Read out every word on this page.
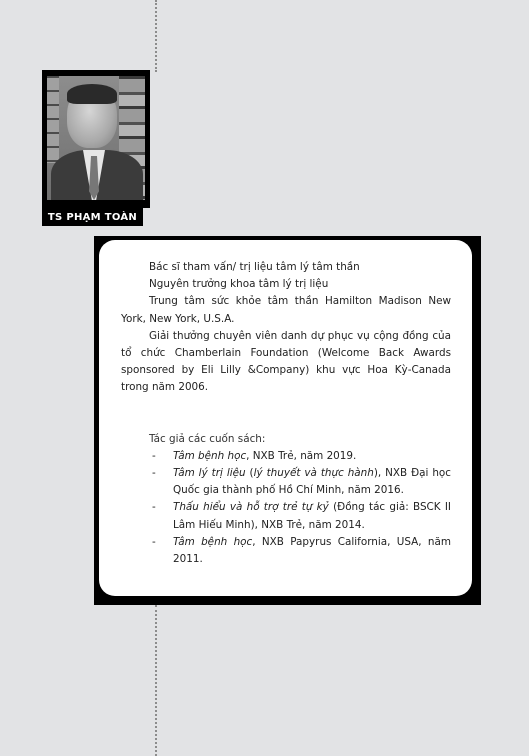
TS PHẠM TOÀN

Bác sĩ tham vấn/ trị liệu tâm lý tâm thần

Nguyên trưởng khoa tâm lý trị liệu

Trung tâm sức khỏe tâm thần Hamilton Madison New York, New York, U.S.A.

Giải thưởng chuyên viên danh dự phục vụ cộng đồng của tổ chức Chamberlain Foundation (Welcome Back Awards sponsored by Eli Lilly &Company) khu vực Hoa Kỳ-Canada trong năm 2006.

Tác giả các cuốn sách:
- Tâm bệnh học, NXB Trẻ, năm 2019.
- Tâm lý trị liệu (lý thuyết và thực hành), NXB Đại học Quốc gia thành phố Hồ Chí Minh, năm 2016.
- Thấu hiểu và hỗ trợ trẻ tự kỷ (Đồng tác giả: BSCK II Lâm Hiếu Minh), NXB Trẻ, năm 2014.
- Tâm bệnh học, NXB Papyrus California, USA, năm 2011.
